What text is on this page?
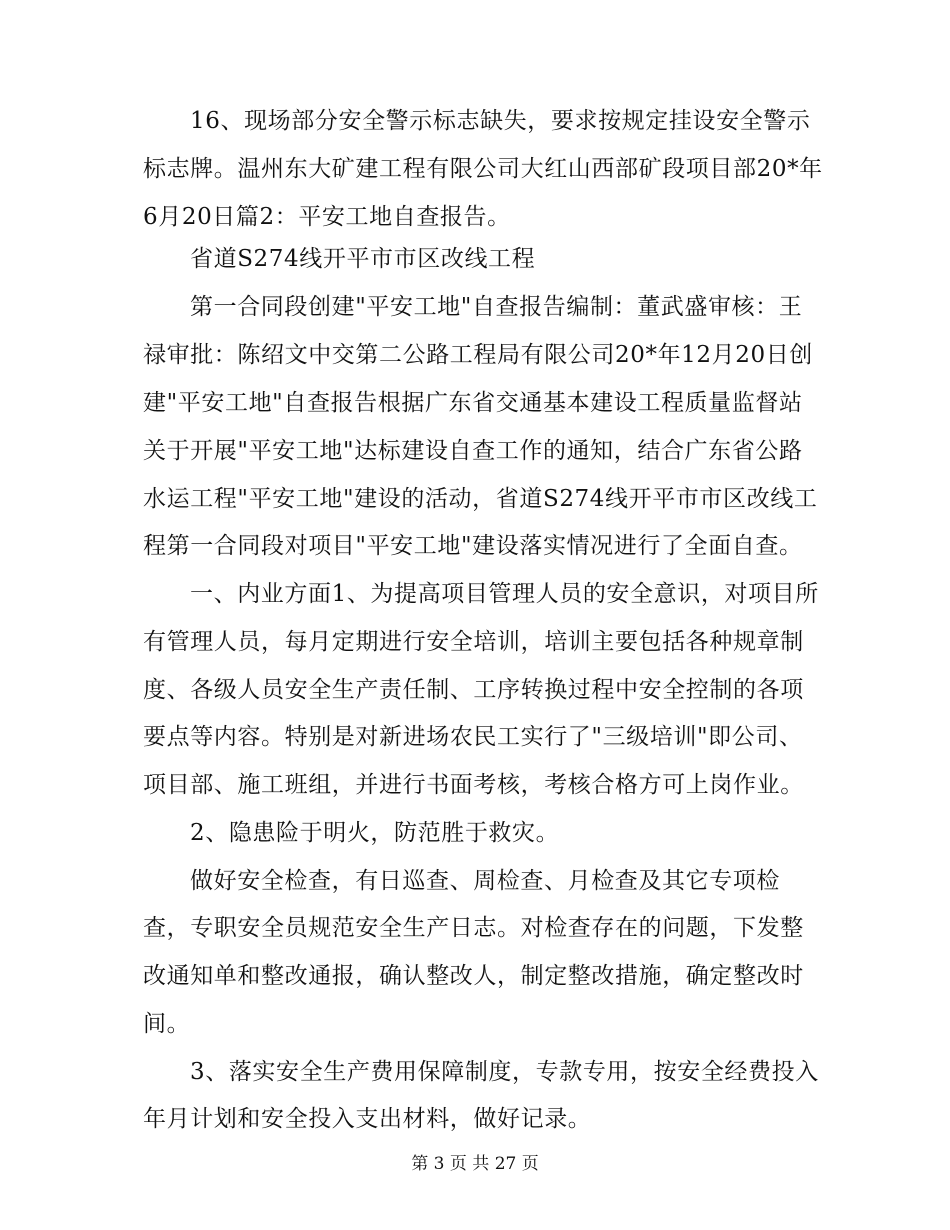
16、现场部分安全警示标志缺失，要求按规定挂设安全警示
标志牌。温州东大矿建工程有限公司大红山西部矿段项目部20*年
6月20日篇2：平安工地自查报告。
省道S274线开平市市区改线工程
第一合同段创建"平安工地"自查报告编制：董武盛审核：王
禄审批：陈绍文中交第二公路工程局有限公司20*年12月20日创
建"平安工地"自查报告根据广东省交通基本建设工程质量监督站
关于开展"平安工地"达标建设自查工作的通知，结合广东省公路
水运工程"平安工地"建设的活动，省道S274线开平市市区改线工
程第一合同段对项目"平安工地"建设落实情况进行了全面自查。
一、内业方面1、为提高项目管理人员的安全意识，对项目所
有管理人员，每月定期进行安全培训，培训主要包括各种规章制
度、各级人员安全生产责任制、工序转换过程中安全控制的各项
要点等内容。特别是对新进场农民工实行了"三级培训"即公司、
项目部、施工班组，并进行书面考核，考核合格方可上岗作业。
2、隐患险于明火，防范胜于救灾。
做好安全检查，有日巡查、周检查、月检查及其它专项检
查，专职安全员规范安全生产日志。对检查存在的问题，下发整
改通知单和整改通报，确认整改人，制定整改措施，确定整改时
间。
3、落实安全生产费用保障制度，专款专用，按安全经费投入
年月计划和安全投入支出材料，做好记录。
第 3 页 共 27 页
